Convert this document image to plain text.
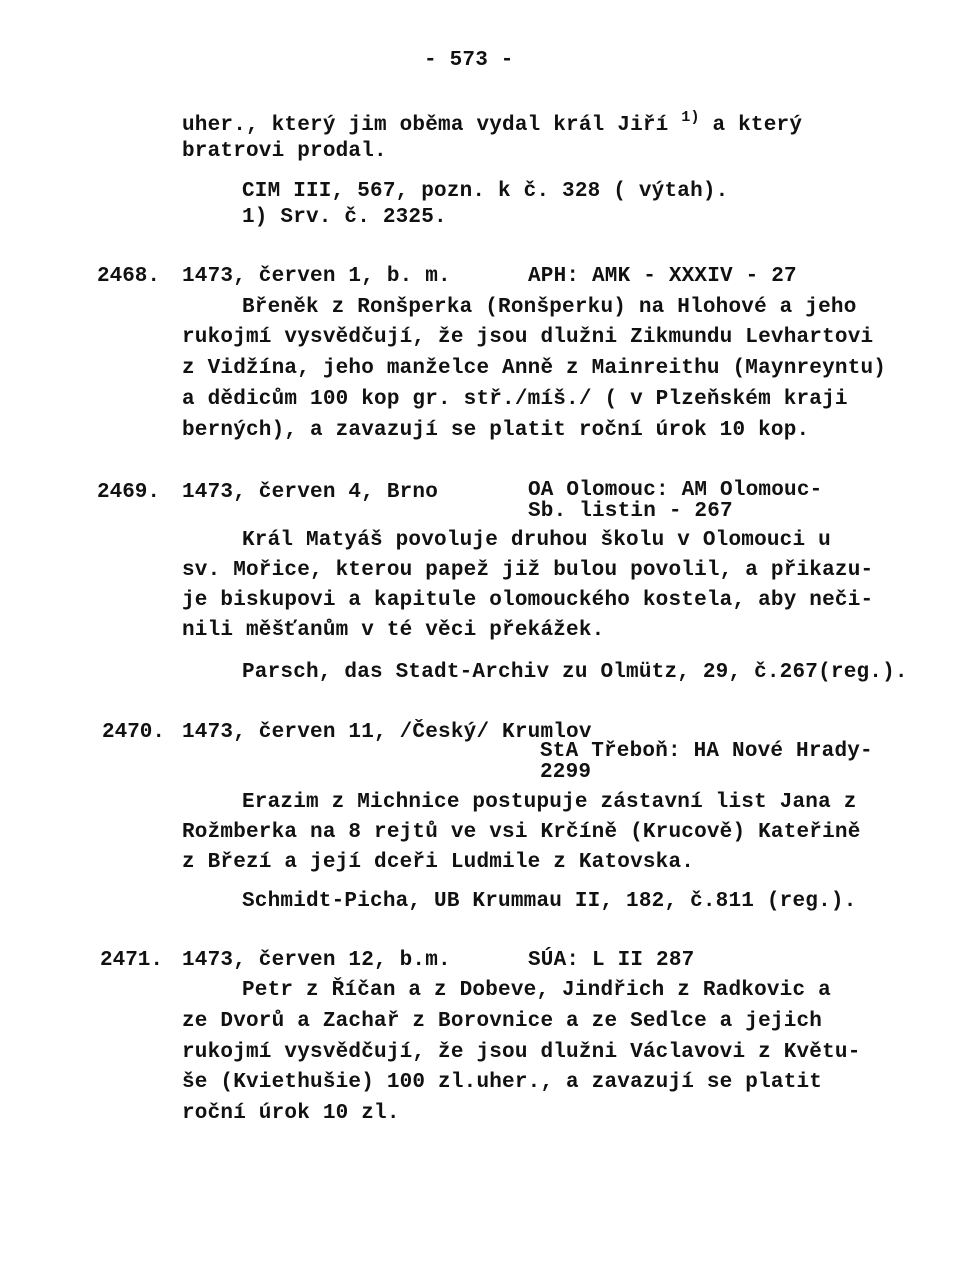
- 573 -
uher., který jim oběma vydal král Jiří $^{1)}$ a který
bratrovi prodal.
CIM III, 567, pozn. k č. 328 ( výtah).
1) Srv. č. 2325.
2468. 1473, červen 1, b. m.	APH: AMK - XXXIV - 27
Břeněk z Ronšperka (Ronšperku) na Hlohové a jeho
rukojmí vysvědčují, že jsou dlužni Zikmundu Levhartovi
z Vidžína, jeho manželce Anně z Mainreithu (Maynreyntu)
a dědicům 100 kop gr. stř./míš./ ( v Plzeňském kraji
berných), a zavazují se platit roční úrok 10 kop.
2469. 1473, červen 4, Brno	OA Olomouc: AM Olomouc-
Sb. listin - 267
Král Matyáš povoluje druhou školu v Olomouci u
sv. Mořice, kterou papež již bulou povolil, a přikazu-
je biskupovi a kapitule olomouckého kostela, aby neči-
nili měšťanům v té věci překážek.
Parsch, das Stadt-Archiv zu Olmütz, 29, č.267(reg.).
2470. 1473, červen 11, /Český/ Krumlov
StA Třeboň: HA Nové Hrady-
2299
Erazim z Michnice postupuje zástavní list Jana z
Rožmberka na 8 rejtů ve vsi Krčíně (Krucově) Kateřině
z Březí a její dceři Ludmile z Katovska.
Schmidt-Picha, UB Krummau II, 182, č.811 (reg.).
2471. 1473, červen 12, b.m.	SÚA: L II 287
Petr z Říčan a z Dobeve, Jindřich z Radkovic a
ze Dvorů a Zachař z Borovnice a ze Sedlce a jejich
rukojmí vysvědčují, že jsou dlužni Václavovi z Květu-
še (Kviethušie) 100 zl.uher., a zavazují se platit
roční úrok 10 zl.
